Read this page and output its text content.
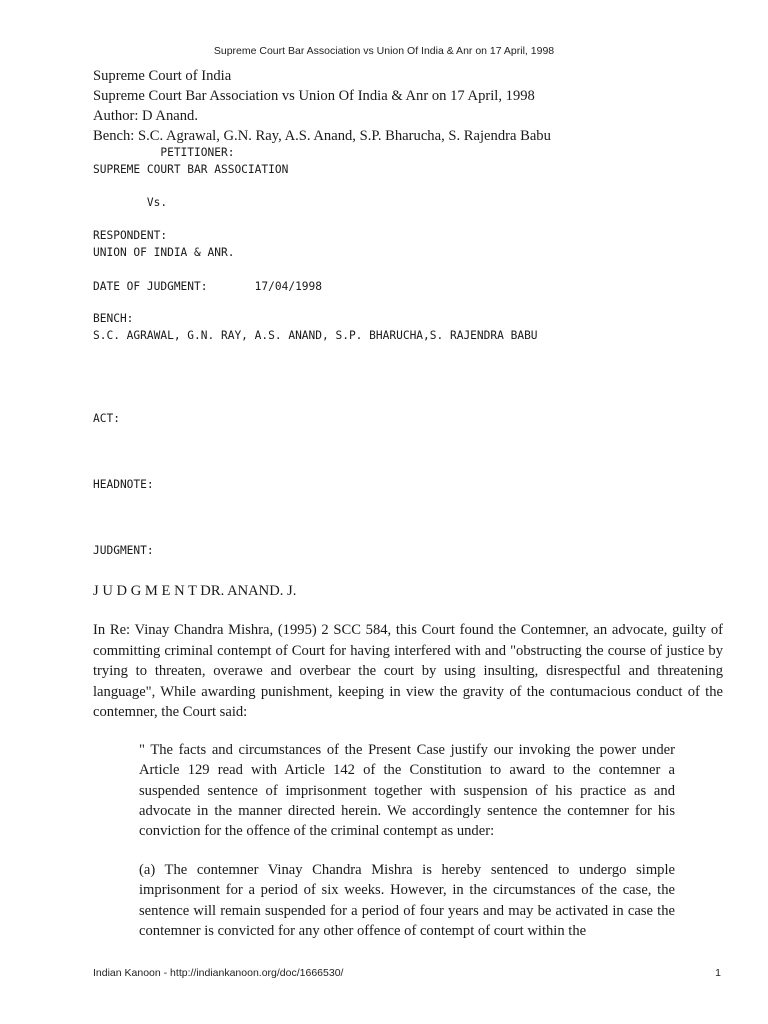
Supreme Court Bar Association vs Union Of India & Anr on 17 April, 1998
Supreme Court of India
Supreme Court Bar Association vs Union Of India & Anr on 17 April, 1998
Author: D Anand.
Bench: S.C. Agrawal, G.N. Ray, A.S. Anand, S.P. Bharucha, S. Rajendra Babu
PETITIONER:
SUPREME COURT BAR ASSOCIATION
Vs.
RESPONDENT:
UNION OF INDIA & ANR.
DATE OF JUDGMENT:       17/04/1998
BENCH:
S.C. AGRAWAL, G.N. RAY, A.S. ANAND, S.P. BHARUCHA,S. RAJENDRA BABU
ACT:
HEADNOTE:
JUDGMENT:
J U D G M E N T DR. ANAND. J.

In Re: Vinay Chandra Mishra, (1995) 2 SCC 584, this Court found the Contemner, an advocate, guilty of committing criminal contempt of Court for having interfered with and "obstructing the course of justice by trying to threaten, overawe and overbear the court by using insulting, disrespectful and threatening language", While awarding punishment, keeping in view the gravity of the contumacious conduct of the contemner, the Court said:

" The facts and circumstances of the Present Case justify our invoking the power under Article 129 read with Article 142 of the Constitution to award to the contemner a suspended sentence of imprisonment together with suspension of his practice as and advocate in the manner directed herein. We accordingly sentence the contemner for his conviction for the offence of the criminal contempt as under:

(a) The contemner Vinay Chandra Mishra is hereby sentenced to undergo simple imprisonment for a period of six weeks. However, in the circumstances of the case, the sentence will remain suspended for a period of four years and may be activated in case the contemner is convicted for any other offence of contempt of court within the

Indian Kanoon - http://indiankanoon.org/doc/1666530/	1
